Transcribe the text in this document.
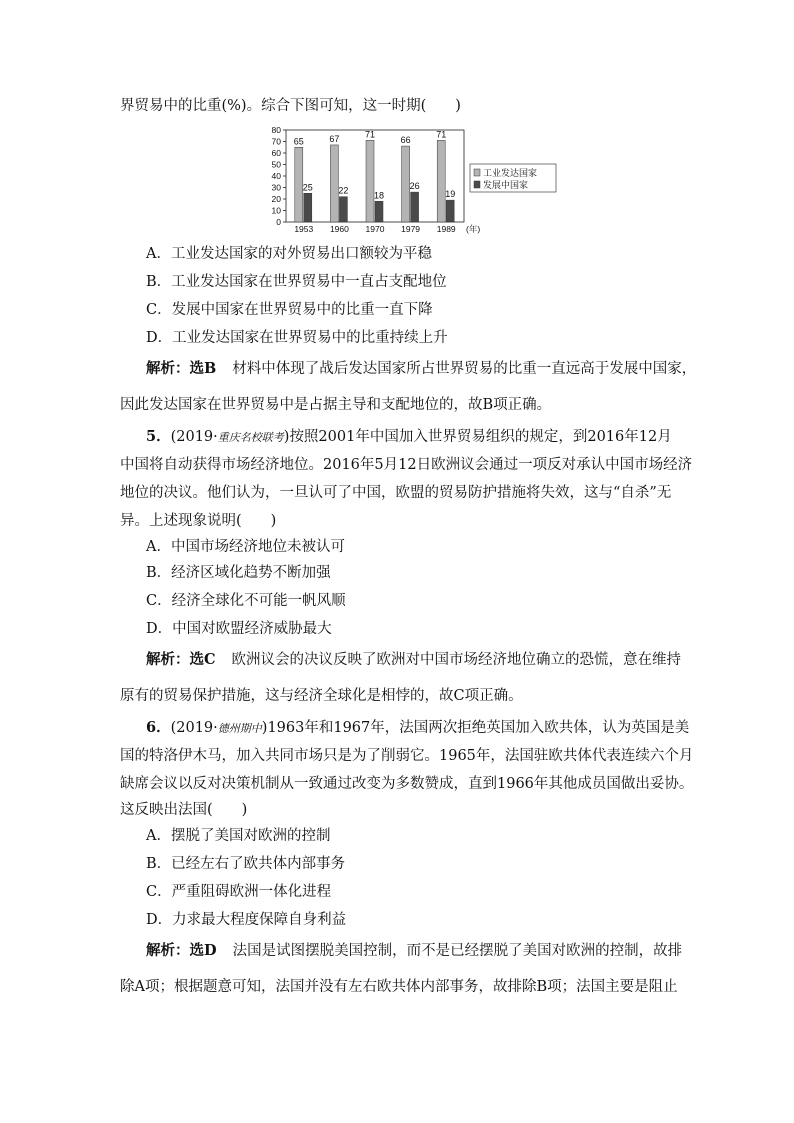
界贸易中的比重(%)。综合下图可知，这一时期(　　)
0
10
20
30
40
50
60
70
80
65
25
1953
67
22
1960
71
18
1970
66
26
1979
71
19
1989 (年)
工业发达国家
发展中国家
A．工业发达国家的对外贸易出口额较为平稳
B．工业发达国家在世界贸易中一直占支配地位
C．发展中国家在世界贸易中的比重一直下降
D．工业发达国家在世界贸易中的比重持续上升
解析：选B 材料中体现了战后发达国家所占世界贸易的比重一直远高于发展中国家，
因此发达国家在世界贸易中是占据主导和支配地位的，故B项正确。
5．(2019·重庆名校联考)按照2001年中国加入世界贸易组织的规定，到2016年12月
中国将自动获得市场经济地位。2016年5月12日欧洲议会通过一项反对承认中国市场经济
地位的决议。他们认为，一旦认可了中国，欧盟的贸易防护措施将失效，这与“自杀”无
异。上述现象说明(　　)
A．中国市场经济地位未被认可
B．经济区域化趋势不断加强
C．经济全球化不可能一帆风顺
D．中国对欧盟经济威胁最大
解析：选C 欧洲议会的决议反映了欧洲对中国市场经济地位确立的恐慌，意在维持
原有的贸易保护措施，这与经济全球化是相悖的，故C项正确。
6．(2019·德州期中)1963年和1967年，法国两次拒绝英国加入欧共体，认为英国是美
国的特洛伊木马，加入共同市场只是为了削弱它。1965年，法国驻欧共体代表连续六个月
缺席会议以反对决策机制从一致通过改变为多数赞成，直到1966年其他成员国做出妥协。
这反映出法国(　　)
A．摆脱了美国对欧洲的控制
B．已经左右了欧共体内部事务
C．严重阻碍欧洲一体化进程
D．力求最大程度保障自身利益
解析：选D 法国是试图摆脱美国控制，而不是已经摆脱了美国对欧洲的控制，故排
除A项；根据题意可知，法国并没有左右欧共体内部事务，故排除B项；法国主要是阻止
